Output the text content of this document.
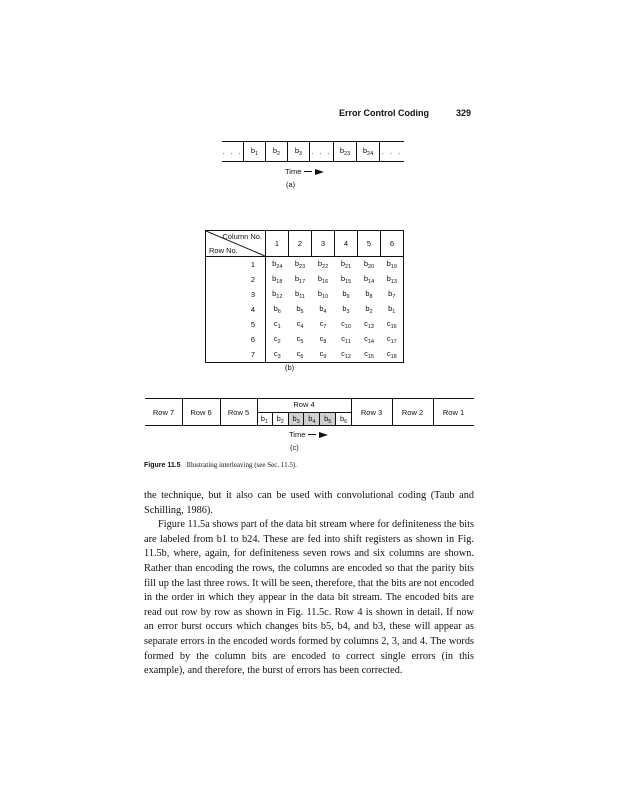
Error Control Coding	329
. . . $b_1$ $b_2$ $b_3$ . . . $b_{23}$ $b_{24}$ . . .
Time
(a)
Column No.
Row No.	1	2	3	4	5	6
1	$b_{24}$	$b_{23}$	$b_{22}$	$b_{21}$	$b_{20}$	$b_{19}$
2	$b_{18}$	$b_{17}$	$b_{16}$	$b_{15}$	$b_{14}$	$b_{13}$
3	$b_{12}$	$b_{11}$	$b_{10}$	$b_9$	$b_8$	$b_7$
4	$b_6$	$b_5$	$b_4$	$b_3$	$b_2$	$b_1$
5	$c_1$	$c_4$	$c_7$	$c_{10}$	$c_{13}$	$c_{16}$
6	$c_2$	$c_5$	$c_8$	$c_{11}$	$c_{14}$	$c_{17}$
7	$c_3$	$c_6$	$c_9$	$c_{12}$	$c_{15}$	$c_{18}$
(b)
Row 7	Row 6	Row 5
Row 4
$b_1$ $b_2$ $b_3$ $b_4$ $b_5$ $b_6$
Row 3	Row 2	Row 1
Time
(c)
Figure 11.5 Illustrating interleaving (see Sec. 11.5).

the technique, but it also can be used with convolutional coding (Taub and Schilling, 1986).

Figure 11.5a shows part of the data bit stream where for definiteness the bits are labeled from b1 to b24. These are fed into shift registers as shown in Fig. 11.5b, where, again, for definiteness seven rows and six columns are shown. Rather than encoding the rows, the columns are encoded so that the parity bits fill up the last three rows. It will be seen, therefore, that the bits are not encoded in the order in which they appear in the data bit stream. The encoded bits are read out row by row as shown in Fig. 11.5c. Row 4 is shown in detail. If now an error burst occurs which changes bits b5, b4, and b3, these will appear as separate errors in the encoded words formed by columns 2, 3, and 4. The words formed by the column bits are encoded to correct single errors (in this example), and therefore, the burst of errors has been corrected.
